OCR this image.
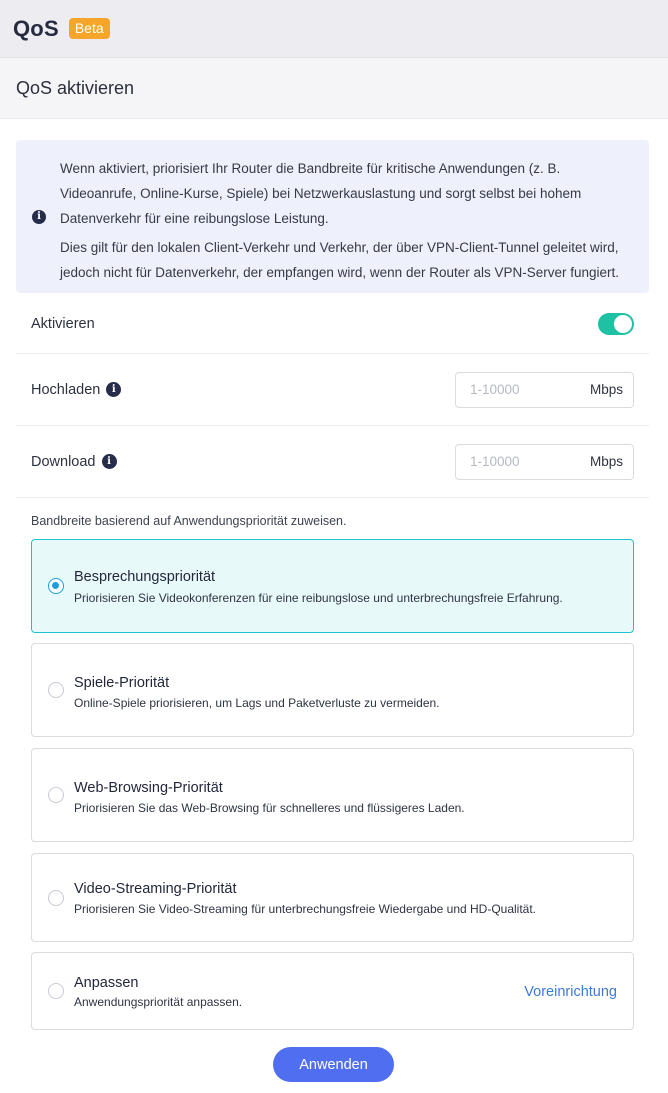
QoS	Beta
QoS aktivieren
i

Wenn aktiviert, priorisiert Ihr Router die Bandbreite für kritische Anwendungen (z. B. Videoanrufe, Online-Kurse, Spiele) bei Netzwerkauslastung und sorgt selbst bei hohem Datenverkehr für eine reibungslose Leistung.

Dies gilt für den lokalen Client-Verkehr und Verkehr, der über VPN-Client-Tunnel geleitet wird, jedoch nicht für Datenverkehr, der empfangen wird, wenn der Router als VPN-Server fungiert.

Aktivieren
Hochladen	i
1-10000	Mbps
Download	i
1-10000	Mbps
Bandbreite basierend auf Anwendungspriorität zuweisen.
Besprechungspriorität
Priorisieren Sie Videokonferenzen für eine reibungslose und unterbrechungsfreie Erfahrung.
Spiele-Priorität
Online-Spiele priorisieren, um Lags und Paketverluste zu vermeiden.
Web-Browsing-Priorität
Priorisieren Sie das Web-Browsing für schnelleres und flüssigeres Laden.
Video-Streaming-Priorität
Priorisieren Sie Video-Streaming für unterbrechungsfreie Wiedergabe und HD-Qualität.
Anpassen
Anwendungspriorität anpassen.
Voreinrichtung
Anwenden
